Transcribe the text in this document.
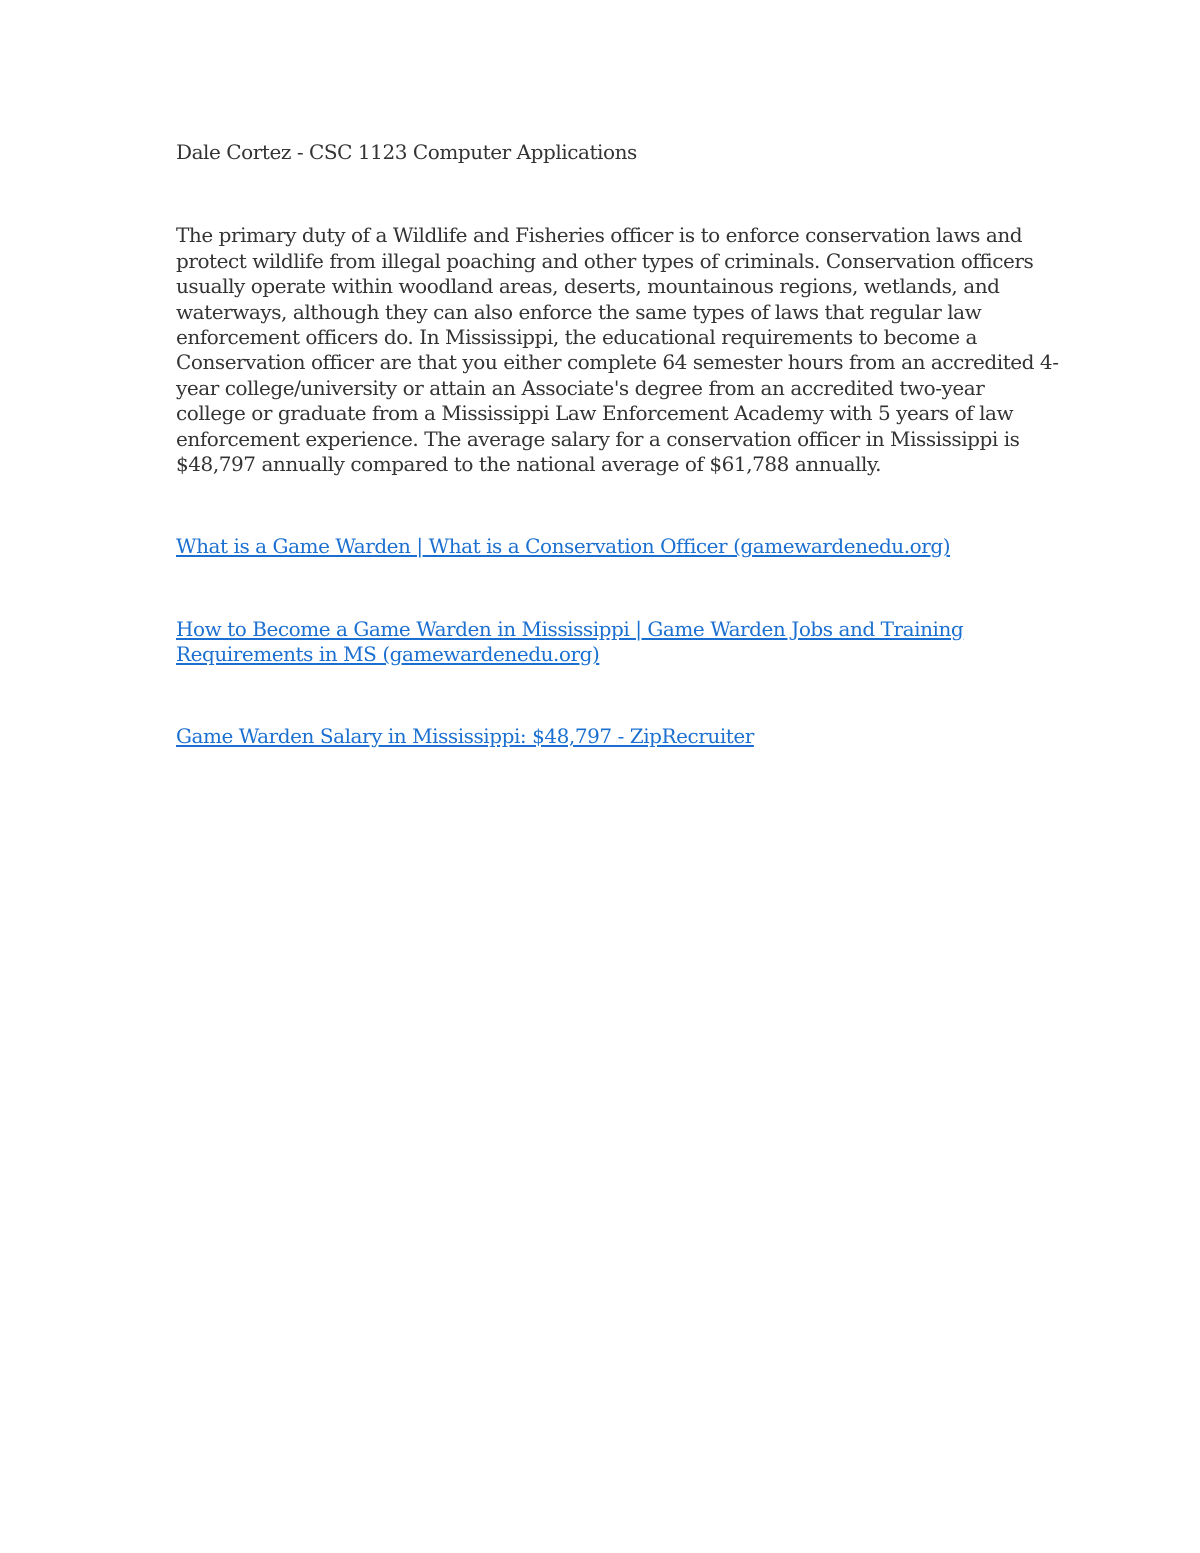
Dale Cortez - CSC 1123 Computer Applications

The primary duty of a Wildlife and Fisheries officer is to enforce conservation laws and
protect wildlife from illegal poaching and other types of criminals. Conservation officers
usually operate within woodland areas, deserts, mountainous regions, wetlands, and
waterways, although they can also enforce the same types of laws that regular law
enforcement officers do. In Mississippi, the educational requirements to become a
Conservation officer are that you either complete 64 semester hours from an accredited 4-
year college/university or attain an Associate's degree from an accredited two-year
college or graduate from a Mississippi Law Enforcement Academy with 5 years of law
enforcement experience. The average salary for a conservation officer in Mississippi is
$48,797 annually compared to the national average of $61,788 annually.

What is a Game Warden | What is a Conservation Officer (gamewardenedu.org)

How to Become a Game Warden in Mississippi | Game Warden Jobs and Training
Requirements in MS (gamewardenedu.org)

Game Warden Salary in Mississippi: $48,797 - ZipRecruiter
